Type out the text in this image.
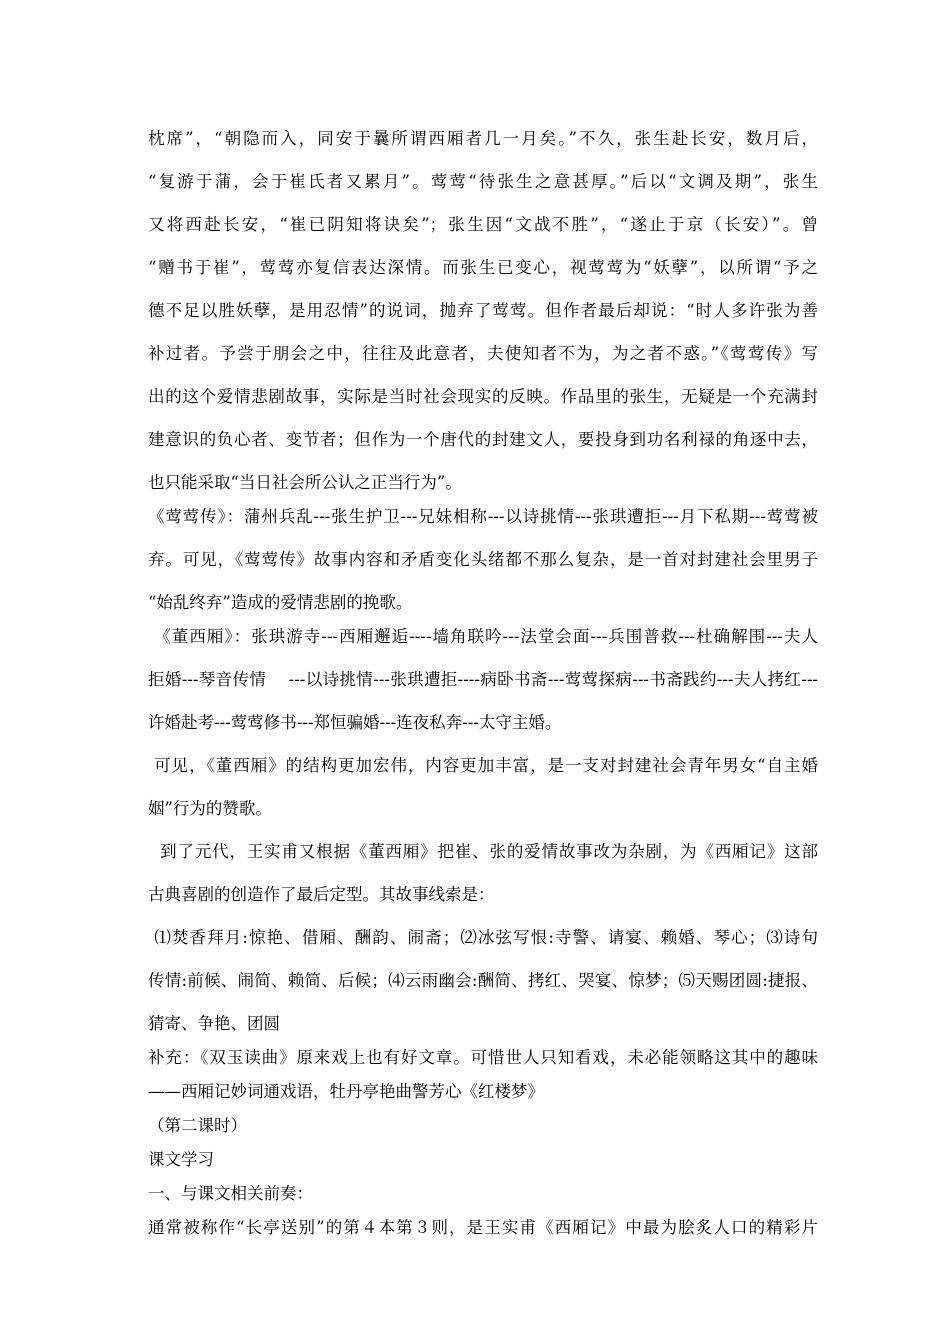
枕席”，“朝隐而入，同安于曩所谓西厢者几一月矣。”不久，张生赴长安，数月后，
“复游于蒲，会于崔氏者又累月”。莺莺“待张生之意甚厚。”后以“文调及期”，张生
又将西赴长安，“崔已阴知将诀矣”；张生因“文战不胜”，“遂止于京（长安）”。曾
“赠书于崔”，莺莺亦复信表达深情。而张生已变心，视莺莺为“妖孽”，以所谓“予之
德不足以胜妖孽，是用忍情”的说词，抛弃了莺莺。但作者最后却说：“时人多许张为善
补过者。予尝于朋会之中，往往及此意者，夫使知者不为，为之者不惑。”《莺莺传》写
出的这个爱情悲剧故事，实际是当时社会现实的反映。作品里的张生，无疑是一个充满封
建意识的负心者、变节者；但作为一个唐代的封建文人，要投身到功名利禄的角逐中去，
也只能采取“当日社会所公认之正当行为”。
《莺莺传》：蒲州兵乱---张生护卫---兄妹相称---以诗挑情---张珙遭拒---月下私期---莺莺被
弃。可见，《莺莺传》故事内容和矛盾变化头绪都不那么复杂，是一首对封建社会里男子
“始乱终弃”造成的爱情悲剧的挽歌。
《董西厢》：张珙游寺---西厢邂逅----墙角联吟---法堂会面---兵围普救---杜确解围---夫人
拒婚---琴音传情    ---以诗挑情---张珙遭拒----病卧书斋---莺莺探病---书斋践约---夫人拷红---
许婚赴考---莺莺修书---郑恒骗婚---连夜私奔---太守主婚。
可见，《董西厢》的结构更加宏伟，内容更加丰富，是一支对封建社会青年男女“自主婚
姻”行为的赞歌。
到了元代，王实甫又根据《董西厢》把崔、张的爱情故事改为杂剧，为《西厢记》这部
古典喜剧的创造作了最后定型。其故事线索是：
⑴焚香拜月:惊艳、借厢、酬韵、闹斋；⑵冰弦写恨:寺警、请宴、赖婚、琴心；⑶诗句
传情:前候、闹简、赖简、后候；⑷云雨幽会:酬简、拷红、哭宴、惊梦；⑸天赐团圆:捷报、
猜寄、争艳、团圆
补充：《双玉读曲》原来戏上也有好文章。可惜世人只知看戏，未必能领略这其中的趣味
——西厢记妙词通戏语，牡丹亭艳曲警芳心《红楼梦》
（第二课时）
课文学习
一、与课文相关前奏：
通常被称作“长亭送别”的第４本第３则，是王实甫《西厢记》中最为脍炙人口的精彩片
